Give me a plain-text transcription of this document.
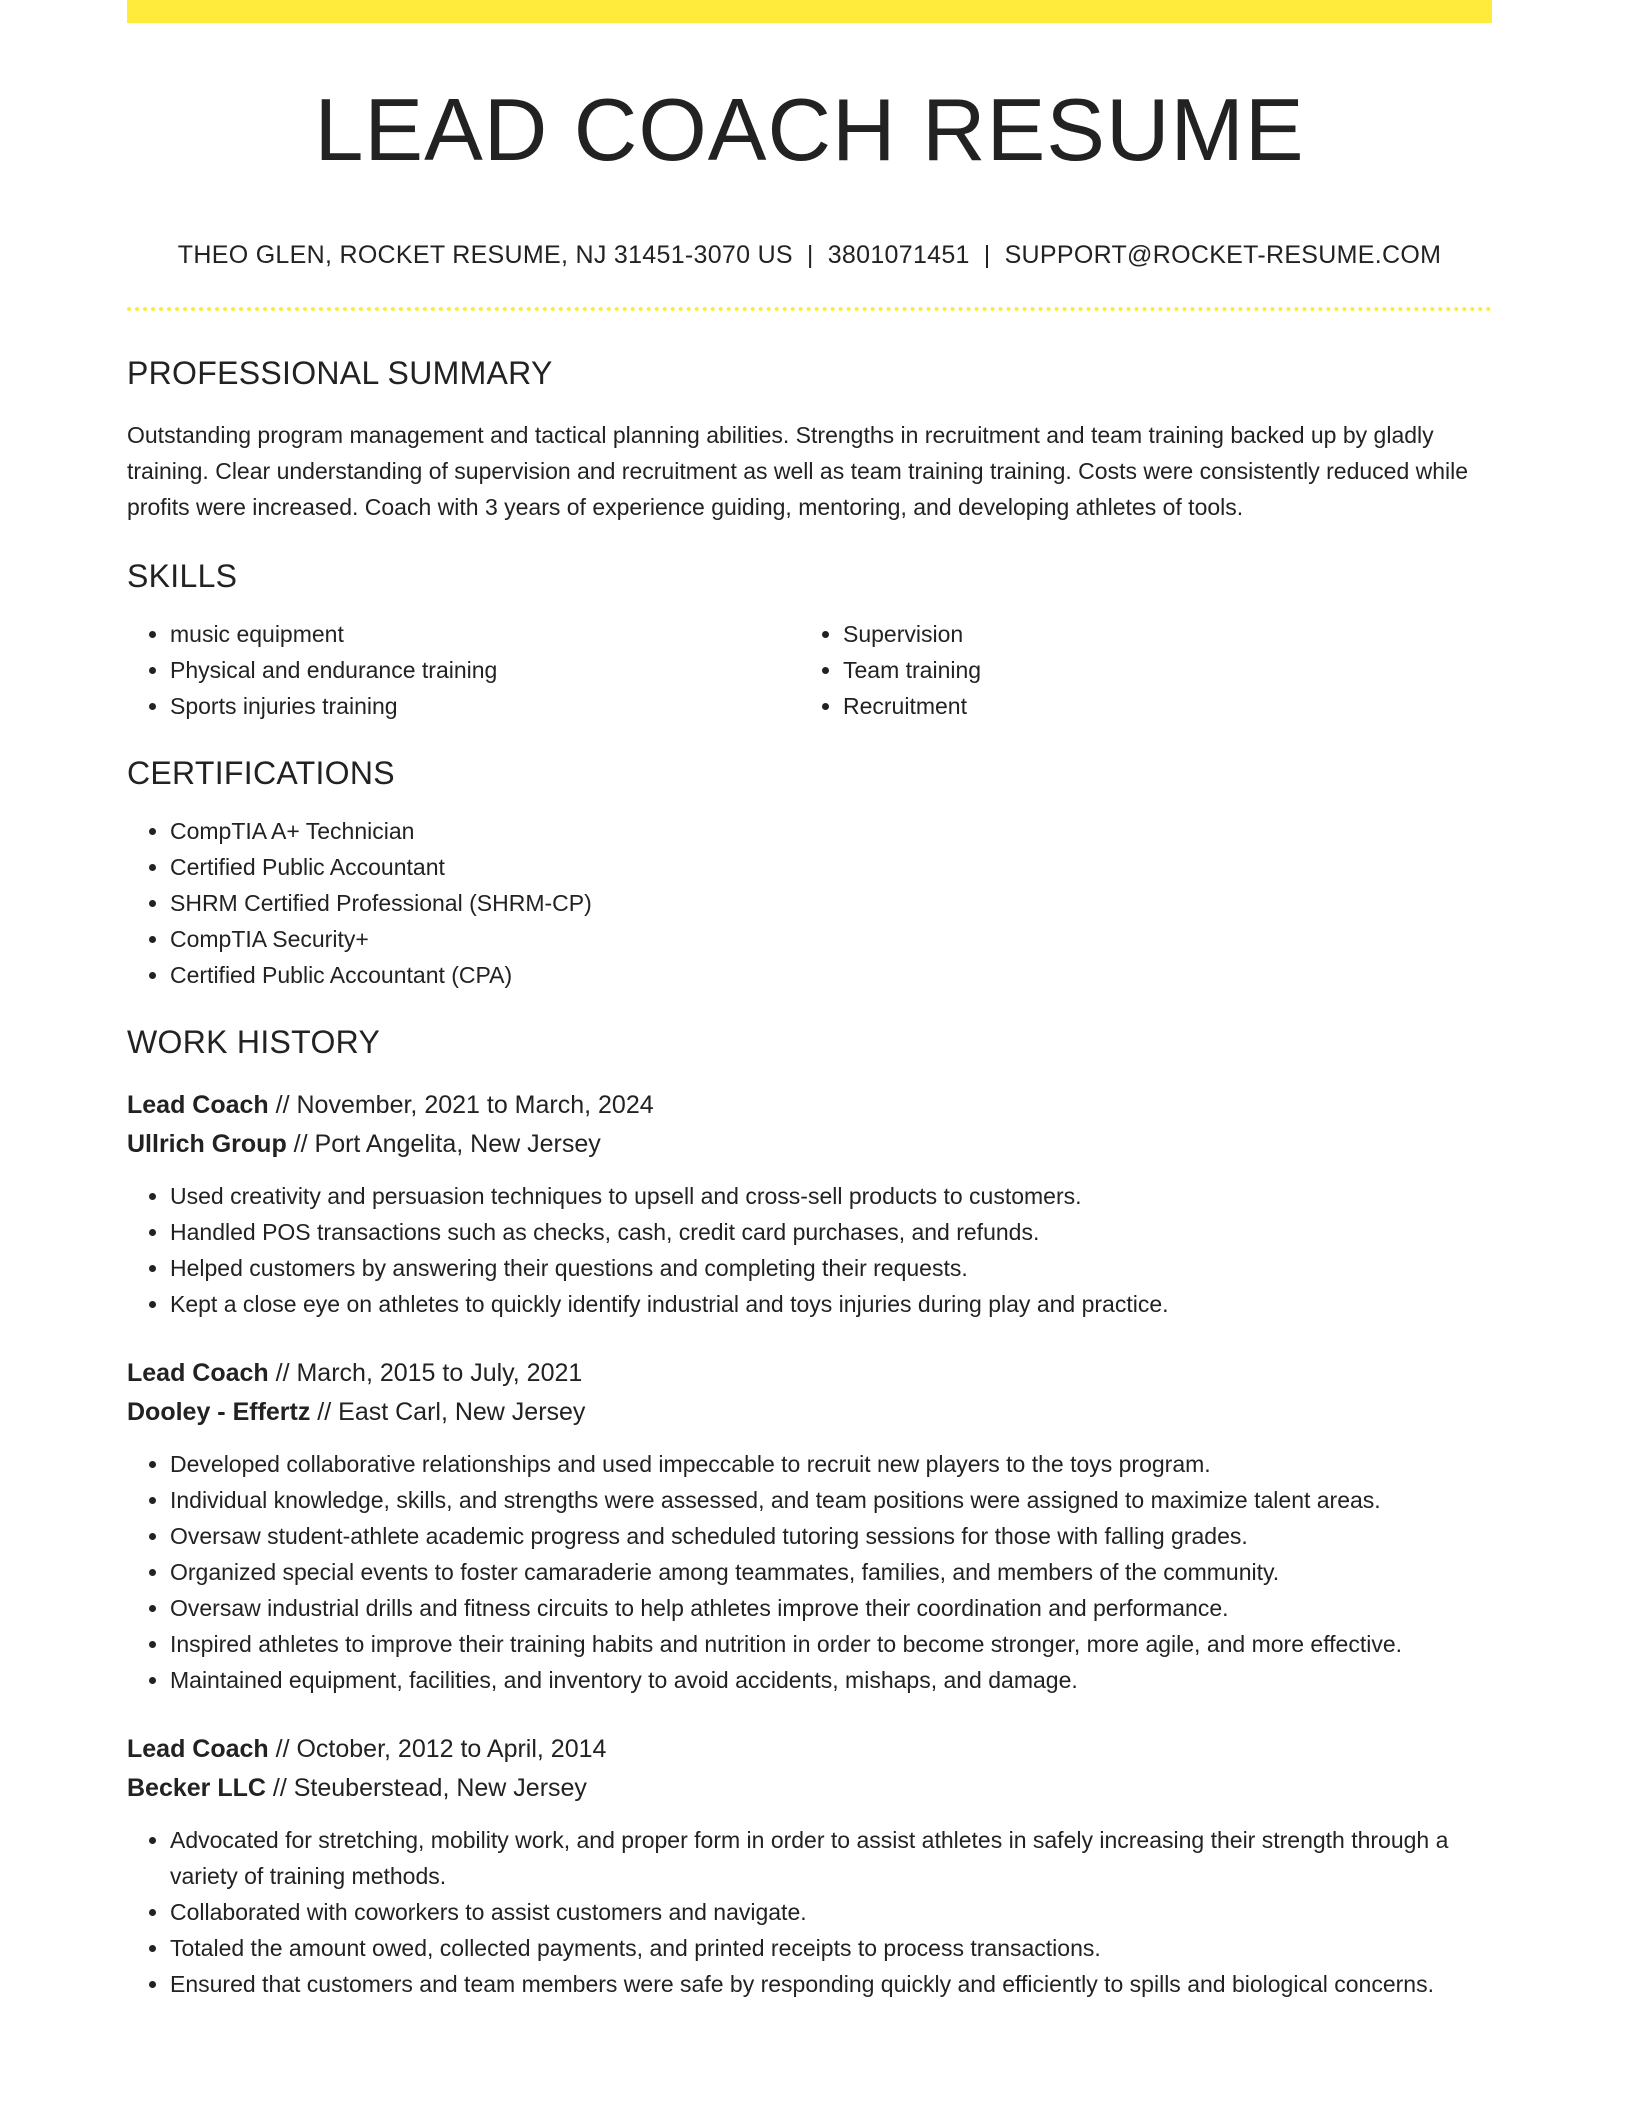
LEAD COACH RESUME
THEO GLEN, ROCKET RESUME, NJ 31451-3070 US | 3801071451 | SUPPORT@ROCKET-RESUME.COM
PROFESSIONAL SUMMARY
Outstanding program management and tactical planning abilities. Strengths in recruitment and team training backed up by gladly training. Clear understanding of supervision and recruitment as well as team training training. Costs were consistently reduced while profits were increased. Coach with 3 years of experience guiding, mentoring, and developing athletes of tools.
SKILLS
• music equipment
• Physical and endurance training
• Sports injuries training
• Supervision
• Team training
• Recruitment
CERTIFICATIONS
• CompTIA A+ Technician
• Certified Public Accountant
• SHRM Certified Professional (SHRM-CP)
• CompTIA Security+
• Certified Public Accountant (CPA)
WORK HISTORY
Lead Coach // November, 2021 to March, 2024
Ullrich Group // Port Angelita, New Jersey
• Used creativity and persuasion techniques to upsell and cross-sell products to customers.
• Handled POS transactions such as checks, cash, credit card purchases, and refunds.
• Helped customers by answering their questions and completing their requests.
• Kept a close eye on athletes to quickly identify industrial and toys injuries during play and practice.
Lead Coach // March, 2015 to July, 2021
Dooley - Effertz // East Carl, New Jersey
• Developed collaborative relationships and used impeccable to recruit new players to the toys program.
• Individual knowledge, skills, and strengths were assessed, and team positions were assigned to maximize talent areas.
• Oversaw student-athlete academic progress and scheduled tutoring sessions for those with falling grades.
• Organized special events to foster camaraderie among teammates, families, and members of the community.
• Oversaw industrial drills and fitness circuits to help athletes improve their coordination and performance.
• Inspired athletes to improve their training habits and nutrition in order to become stronger, more agile, and more effective.
• Maintained equipment, facilities, and inventory to avoid accidents, mishaps, and damage.
Lead Coach // October, 2012 to April, 2014
Becker LLC // Steuberstead, New Jersey
• Advocated for stretching, mobility work, and proper form in order to assist athletes in safely increasing their strength through a variety of training methods.
• Collaborated with coworkers to assist customers and navigate.
• Totaled the amount owed, collected payments, and printed receipts to process transactions.
• Ensured that customers and team members were safe by responding quickly and efficiently to spills and biological concerns.
